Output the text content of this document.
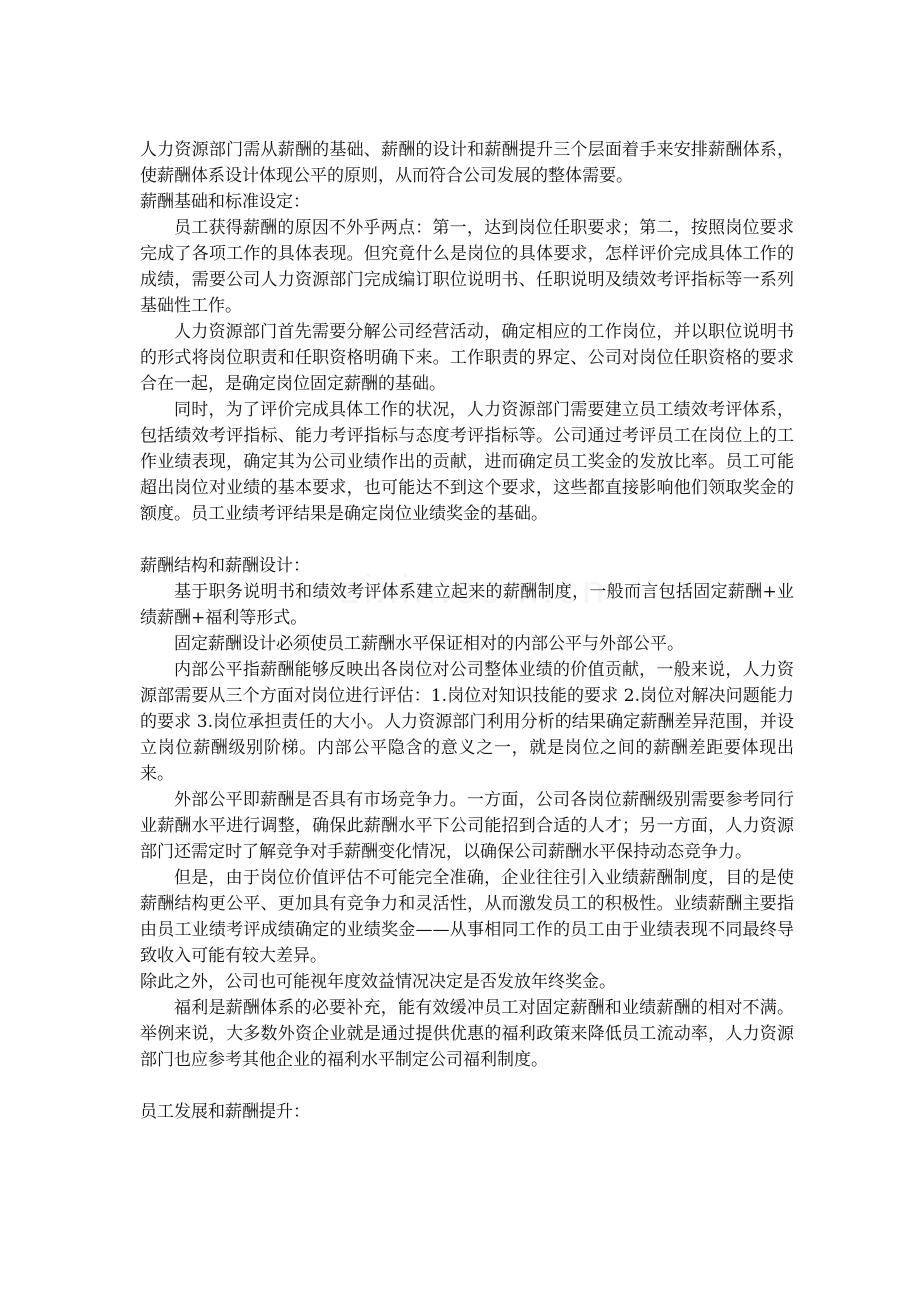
人力资源部门需从薪酬的基础、薪酬的设计和薪酬提升三个层面着手来安排薪酬体系，使薪酬体系设计体现公平的原则，从而符合公司发展的整体需要。

薪酬基础和标准设定：

员工获得薪酬的原因不外乎两点：第一，达到岗位任职要求；第二，按照岗位要求完成了各项工作的具体表现。但究竟什么是岗位的具体要求，怎样评价完成具体工作的成绩，需要公司人力资源部门完成编订职位说明书、任职说明及绩效考评指标等一系列基础性工作。

人力资源部门首先需要分解公司经营活动，确定相应的工作岗位，并以职位说明书的形式将岗位职责和任职资格明确下来。工作职责的界定、公司对岗位任职资格的要求合在一起，是确定岗位固定薪酬的基础。

同时，为了评价完成具体工作的状况，人力资源部门需要建立员工绩效考评体系，包括绩效考评指标、能力考评指标与态度考评指标等。公司通过考评员工在岗位上的工作业绩表现，确定其为公司业绩作出的贡献，进而确定员工奖金的发放比率。员工可能超出岗位对业绩的基本要求，也可能达不到这个要求，这些都直接影响他们领取奖金的额度。员工业绩考评结果是确定岗位业绩奖金的基础。

薪酬结构和薪酬设计：

基于职务说明书和绩效考评体系建立起来的薪酬制度，一般而言包括固定薪酬+业绩薪酬+福利等形式。

固定薪酬设计必须使员工薪酬水平保证相对的内部公平与外部公平。

内部公平指薪酬能够反映出各岗位对公司整体业绩的价值贡献，一般来说，人力资源部需要从三个方面对岗位进行评估：1.岗位对知识技能的要求 2.岗位对解决问题能力的要求 3.岗位承担责任的大小。人力资源部门利用分析的结果确定薪酬差异范围，并设立岗位薪酬级别阶梯。内部公平隐含的意义之一，就是岗位之间的薪酬差距要体现出来。

外部公平即薪酬是否具有市场竞争力。一方面，公司各岗位薪酬级别需要参考同行业薪酬水平进行调整，确保此薪酬水平下公司能招到合适的人才；另一方面，人力资源部门还需定时了解竞争对手薪酬变化情况，以确保公司薪酬水平保持动态竞争力。

但是，由于岗位价值评估不可能完全准确，企业往往引入业绩薪酬制度，目的是使薪酬结构更公平、更加具有竞争力和灵活性，从而激发员工的积极性。业绩薪酬主要指由员工业绩考评成绩确定的业绩奖金——从事相同工作的员工由于业绩表现不同最终导致收入可能有较大差异。

除此之外，公司也可能视年度效益情况决定是否发放年终奖金。

福利是薪酬体系的必要补充，能有效缓冲员工对固定薪酬和业绩薪酬的相对不满。举例来说，大多数外资企业就是通过提供优惠的福利政策来降低员工流动率，人力资源部门也应参考其他企业的福利水平制定公司福利制度。

员工发展和薪酬提升：
